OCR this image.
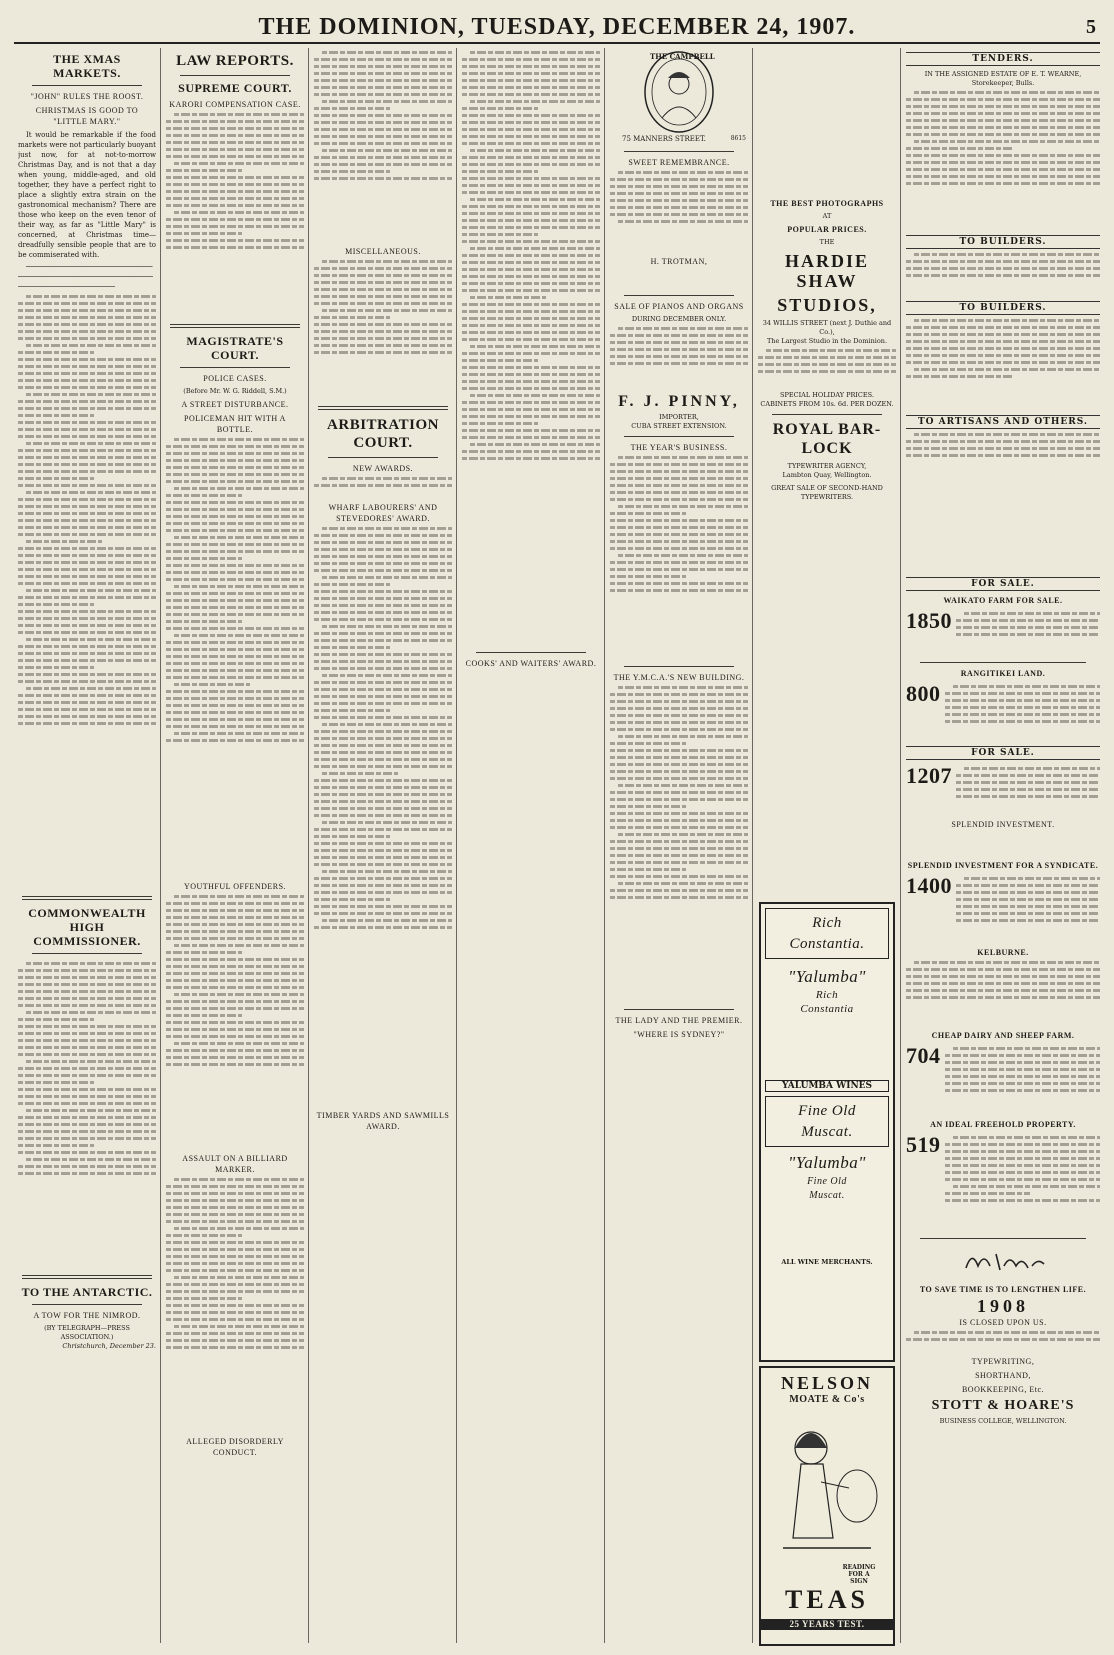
THE DOMINION, TUESDAY, DECEMBER 24, 1907.	5
THE XMAS MARKETS.
"JOHN" RULES THE ROOST.
CHRISTMAS IS GOOD TO "LITTLE MARY."

It would be remarkable if the food markets were not particularly buoyant just now, for at not-to-morrow Christmas Day, and is not that a day when young, middle-aged, and old together, they have a perfect right to place a slightly extra strain on the gastronomical mechanism? There are those who keep on the even tenor of their way, as far as "Little Mary" is concerned, at Christmas time—dreadfully sensible people that are to be commiserated with.

─────────────────────────────────────────────────────────────────────────────────────

COMMONWEALTH HIGH COMMISSIONER.
TO THE ANTARCTIC.
A TOW FOR THE NIMROD.
(BY TELEGRAPH—PRESS ASSOCIATION.)
Christchurch, December 23.
LAW REPORTS.
SUPREME COURT.
KARORI COMPENSATION CASE.
MAGISTRATE'S COURT.
POLICE CASES.
(Before Mr. W. G. Riddell, S.M.)
A STREET DISTURBANCE.
POLICEMAN HIT WITH A BOTTLE.
YOUTHFUL OFFENDERS.
ASSAULT ON A BILLIARD MARKER.
ALLEGED DISORDERLY CONDUCT.
MISCELLANEOUS.
ARBITRATION COURT.
NEW AWARDS.
WHARF LABOURERS' AND STEVEDORES' AWARD.
TIMBER YARDS AND SAWMILLS AWARD.
COOKS' AND WAITERS' AWARD.
THE CAMPBELL
75 MANNERS STREET.	8615
SWEET REMEMBRANCE.
H. TROTMAN,
SALE OF PIANOS AND ORGANS
DURING DECEMBER ONLY.
F. J. PINNY,
IMPORTER,
CUBA STREET EXTENSION.
THE YEAR'S BUSINESS.
THE Y.M.C.A.'S NEW BUILDING.
THE LADY AND THE PREMIER.
"WHERE IS SYDNEY?"
THE BEST PHOTOGRAPHS
AT
POPULAR PRICES.
THE
HARDIE SHAW
STUDIOS,
34 WILLIS STREET (next J. Duthie and Co.),
The Largest Studio in the Dominion.
SPECIAL HOLIDAY PRICES.
CABINETS FROM 10s. 6d. PER DOZEN.
ROYAL BAR-LOCK
TYPEWRITER AGENCY,
Lambton Quay, Wellington.
GREAT SALE OF SECOND-HAND
TYPEWRITERS.
Rich
Constantia.
"Yalumba"
Rich
Constantia
YALUMBA WINES
Fine Old
Muscat.
"Yalumba"
Fine Old
Muscat.
ALL WINE MERCHANTS.
NELSON
MOATE & Co's
READING FOR A SIGN
TEAS
25 YEARS TEST.
TENDERS.
IN THE ASSIGNED ESTATE OF E. T. WEARNE, Storekeeper, Bulls.
TO BUILDERS.
TO BUILDERS.
TO ARTISANS AND OTHERS.
FOR SALE.
WAIKATO FARM FOR SALE.
1850
RANGITIKEI LAND.
800
FOR SALE.
1207
SPLENDID INVESTMENT.
SPLENDID INVESTMENT FOR A SYNDICATE.
1400
KELBURNE.
CHEAP DAIRY AND SHEEP FARM.
704
AN IDEAL FREEHOLD PROPERTY.
519
TO SAVE TIME IS TO LENGTHEN LIFE.
1908
IS CLOSED UPON US.
TYPEWRITING,
SHORTHAND,
BOOKKEEPING, Etc.
STOTT & HOARE'S
BUSINESS COLLEGE, WELLINGTON.
